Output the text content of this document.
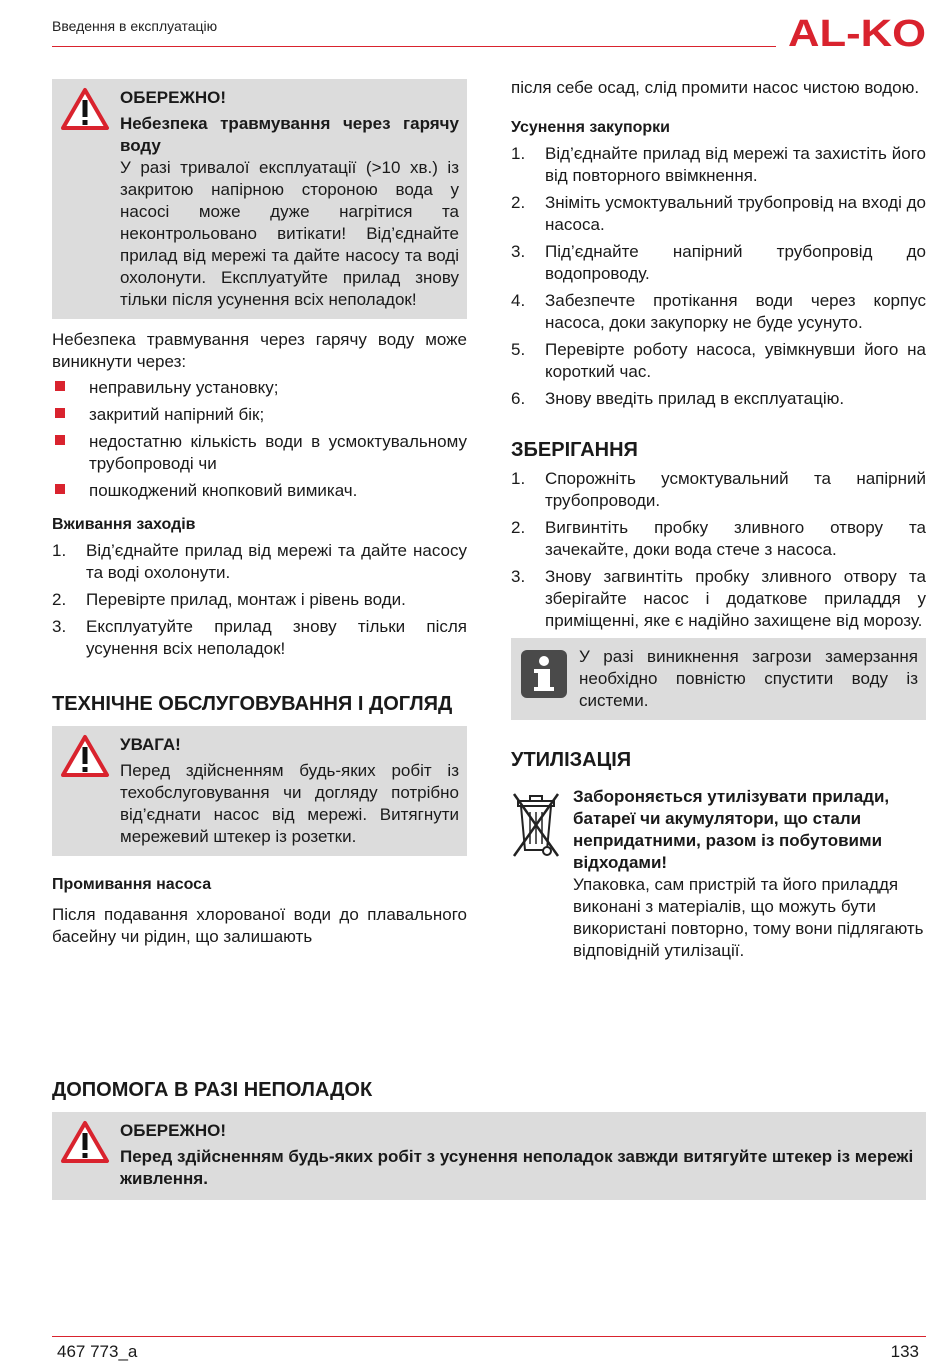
Введення в експлуатацію	AL-KO

ОБЕРЕЖНО!

Небезпека травмування через гарячу воду

У разі тривалої експлуатації (>10 хв.) із закритою напірною стороною вода у насосі може дуже нагрітися та неконтрольовано витікати! Від’єднайте прилад від мережі та дайте насосу та воді охолонути. Експлуатуйте прилад знову тільки після усунення всіх неполадок!

Небезпека травмування через гарячу воду може виникнути через:

неправильну установку;
закритий напірний бік;
недостатню кількість води в усмоктувальному трубопроводі чи
пошкоджений кнопковий вимикач.

Вживання заходів

1. Від’єднайте прилад від мережі та дайте насосу та воді охолонути.
2. Перевірте прилад, монтаж і рівень води.
3. Експлуатуйте прилад знову тільки після усунення всіх неполадок!

ТЕХНІЧНЕ ОБСЛУГОВУВАННЯ І ДОГЛЯД

УВАГА!

Перед здійсненням будь-яких робіт із техобслуговування чи догляду потрібно від’єднати насос від мережі. Витягнути мережевий штекер із розетки.

Промивання насоса

Після подавання хлорованої води до плавального басейну чи рідин, що залишають

після себе осад, слід промити насос чистою водою.

Усунення закупорки

1. Від’єднайте прилад від мережі та захистіть його від повторного ввімкнення.
2. Зніміть усмоктувальний трубопровід на вході до насоса.
3. Під’єднайте напірний трубопровід до водопроводу.
4. Забезпечте протікання води через корпус насоса, доки закупорку не буде усунуто.
5. Перевірте роботу насоса, увімкнувши його на короткий час.
6. Знову введіть прилад в експлуатацію.

ЗБЕРІГАННЯ

1. Спорожніть усмоктувальний та напірний трубопроводи.
2. Вигвинтіть пробку зливного отвору та зачекайте, доки вода стече з насоса.
3. Знову загвинтіть пробку зливного отвору та зберігайте насос і додаткове приладдя у приміщенні, яке є надійно захищене від морозу.

У разі виникнення загрози замерзання необхідно повністю спустити воду із системи.

УТИЛІЗАЦІЯ

Забороняється утилізувати прилади, батареї чи акумулятори, що стали непридатними, разом із побутовими відходами!

Упаковка, сам пристрій та його приладдя виконані з матеріалів, що можуть бути використані повторно, тому вони підлягають відповідній утилізації.

ДОПОМОГА В РАЗІ НЕПОЛАДОК

ОБЕРЕЖНО!

Перед здійсненням будь-яких робіт з усунення неполадок завжди витягуйте штекер із мережі живлення.

467 773_a	133
